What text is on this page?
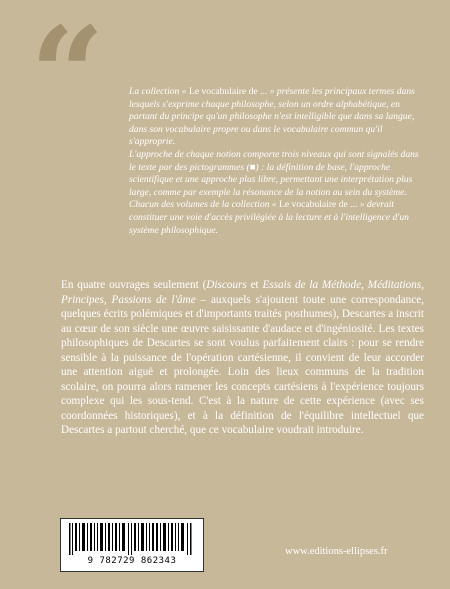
“	La collection « Le vocabulaire de ... » présente les principaux termes dans lesquels s'exprime chaque philosophe, selon un ordre alphabétique, en partant du principe qu'un philosophe n'est intelligible que dans sa langue, dans son vocabulaire propre ou dans le vocabulaire commun qu'il s'approprie.

L'approche de chaque notion comporte trois niveaux qui sont signalés dans le texte par des pictogrammes (■) : la définition de base, l'approche scientifique et une approche plus libre, permettant une interprétation plus large, comme par exemple la résonance de la notion au sein du système.

Chacun des volumes de la collection « Le vocabulaire de ... » devrait constituer une voie d'accès privilégiée à la lecture et à l'intelligence d'un système philosophique.

En quatre ouvrages seulement (Discours et Essais de la Méthode, Méditations, Principes, Passions de l'âme – auxquels s'ajoutent toute une correspondance, quelques écrits polémiques et d'importants traités posthumes), Descartes a inscrit au cœur de son siècle une œuvre saisissante d'audace et d'ingéniosité. Les textes philosophiques de Descartes se sont voulus parfaitement clairs : pour se rendre sensible à la puissance de l'opération cartésienne, il convient de leur accorder une attention aiguë et prolongée. Loin des lieux communs de la tradition scolaire, on pourra alors ramener les concepts cartésiens à l'expérience toujours complexe qui les sous-tend. C'est à la nature de cette expérience (avec ses coordonnées historiques), et à la définition de l'équilibre intellectuel que Descartes a partout cherché, que ce vocabulaire voudrait introduire.

9 782729 862343
www.editions-ellipses.fr
